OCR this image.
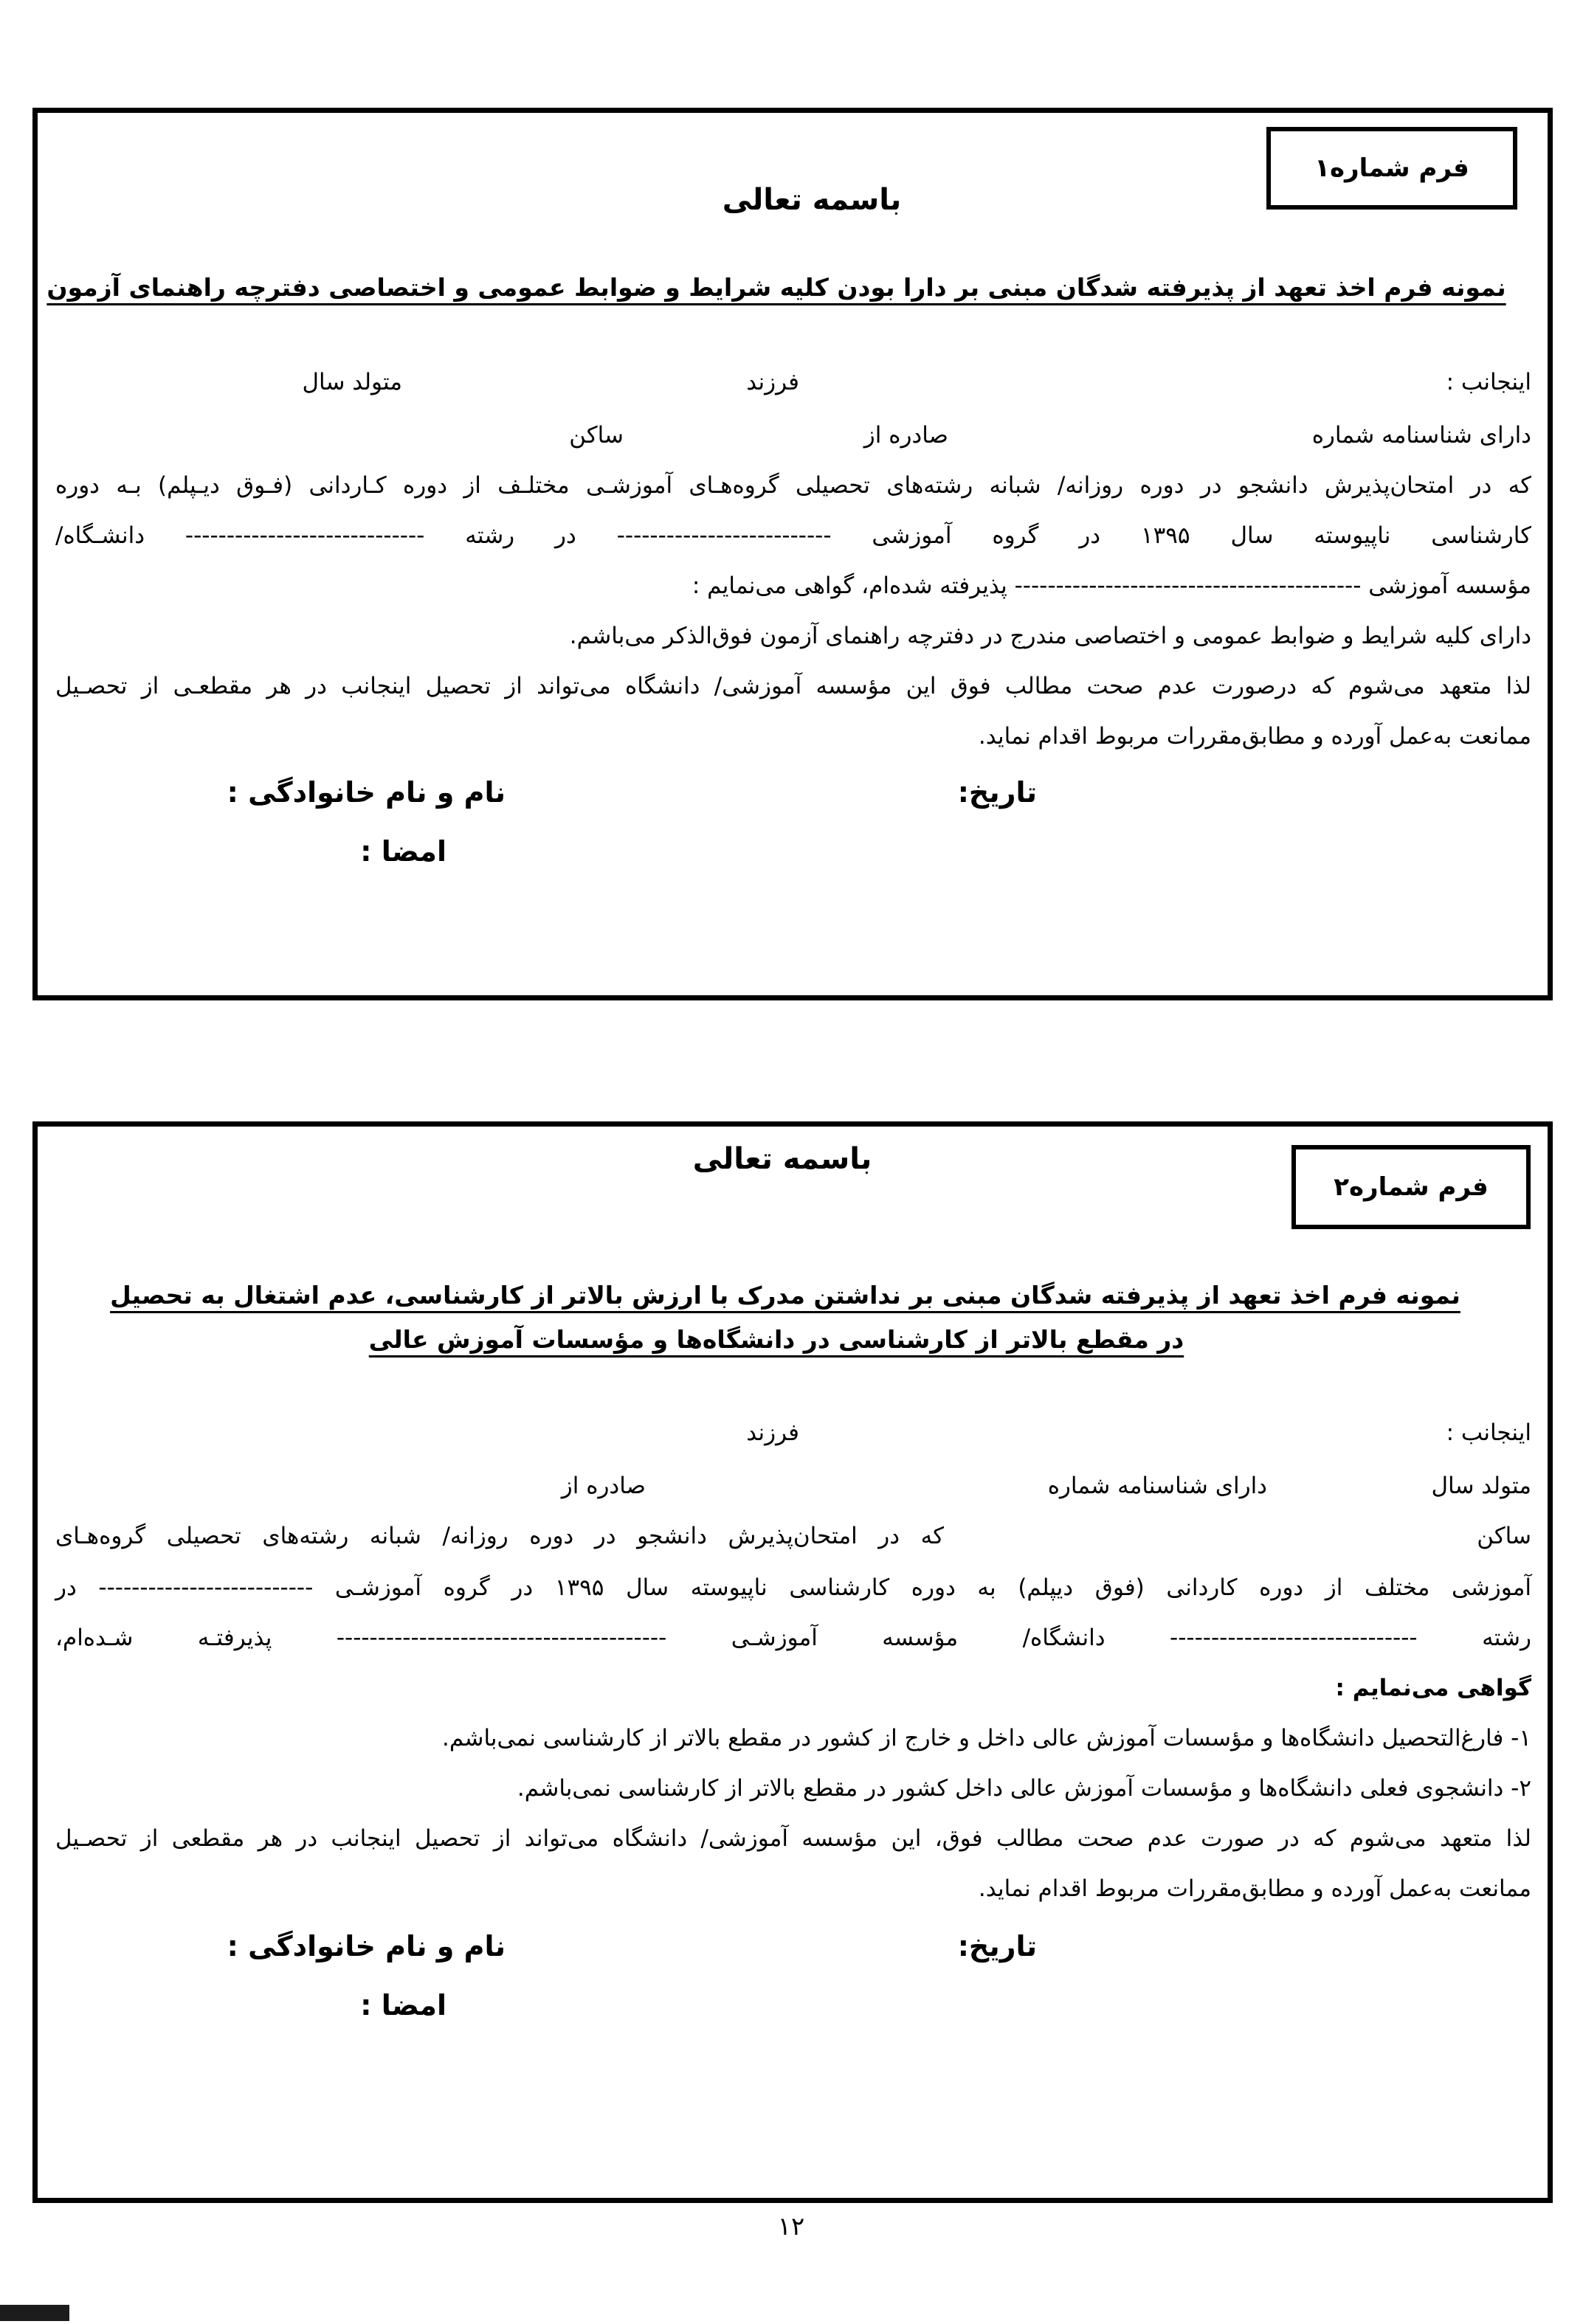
فرم شماره۱
باسمه تعالی
نمونه فرم اخذ تعهد از پذیرفته شدگان مبنی بر دارا بودن کلیه شرایط و ضوابط عمومی و اختصاصی دفترچه راهنمای آزمون
اینجانب :
فرزند
متولد سال
دارای شناسنامه شماره
صادره از
ساکن
که در امتحان‌پذیرش دانشجو در دوره روزانه/ شبانه رشته‌های تحصیلی گروه‌هـای آموزشـی مختلـف از دوره کـاردانی (فـوق دیـپلم) بـه دوره
کارشناسی ناپیوسته سال ۱۳۹۵ در گروه آموزشی -------------------------- در رشته ----------------------------- دانشـگاه/
مؤسسه آموزشی ------------------------------------------ پذیرفته شده‌ام، گواهی می‌نمایم :
دارای کلیه شرایط و ضوابط عمومی و اختصاصی مندرج در دفترچه راهنمای آزمون فوق‌الذکر می‌باشم.
لذا متعهد می‌شوم که درصورت عدم صحت مطالب فوق این مؤسسه آموزشی/ دانشگاه می‌تواند از تحصیل اینجانب در هر مقطعـی از تحصـیل
ممانعت به‌عمل آورده و مطابق‌مقررات مربوط اقدام نماید.
تاریخ:
نام و نام خانوادگی :
امضا :
باسمه تعالی
فرم شماره۲
نمونه فرم اخذ تعهد از پذیرفته شدگان مبنی بر نداشتن مدرک با ارزش بالاتر از کارشناسی، عدم اشتغال به تحصیل
در مقطع بالاتر از کارشناسی در دانشگاه‌ها و مؤسسات آموزش عالی
اینجانب :
فرزند
متولد سال
دارای شناسنامه شماره
صادره از
ساکن
که در امتحان‌پذیرش دانشجو در دوره روزانه/ شبانه رشته‌های تحصیلی گروه‌هـای
آموزشی مختلف از دوره کاردانی (فوق دیپلم) به دوره کارشناسی ناپیوسته سال ۱۳۹۵ در گروه آموزشـی -------------------------- در
رشته ------------------------------ دانشگاه/ مؤسسه آموزشـی ---------------------------------------- پذیرفتـه شـده‌ام،
گواهی می‌نمایم :
۱- فارغ‌التحصیل دانشگاه‌ها و مؤسسات آموزش عالی داخل و خارج از کشور در مقطع بالاتر از کارشناسی نمی‌باشم.
۲- دانشجوی فعلی دانشگاه‌ها و مؤسسات آموزش عالی داخل کشور در مقطع بالاتر از کارشناسی نمی‌باشم.
لذا متعهد می‌شوم که در صورت عدم صحت مطالب فوق، این مؤسسه آموزشی/ دانشگاه می‌تواند از تحصیل اینجانب در هر مقطعی از تحصـیل
ممانعت به‌عمل آورده و مطابق‌مقررات مربوط اقدام نماید.
تاریخ:
نام و نام خانوادگی :
امضا :
۱۲
